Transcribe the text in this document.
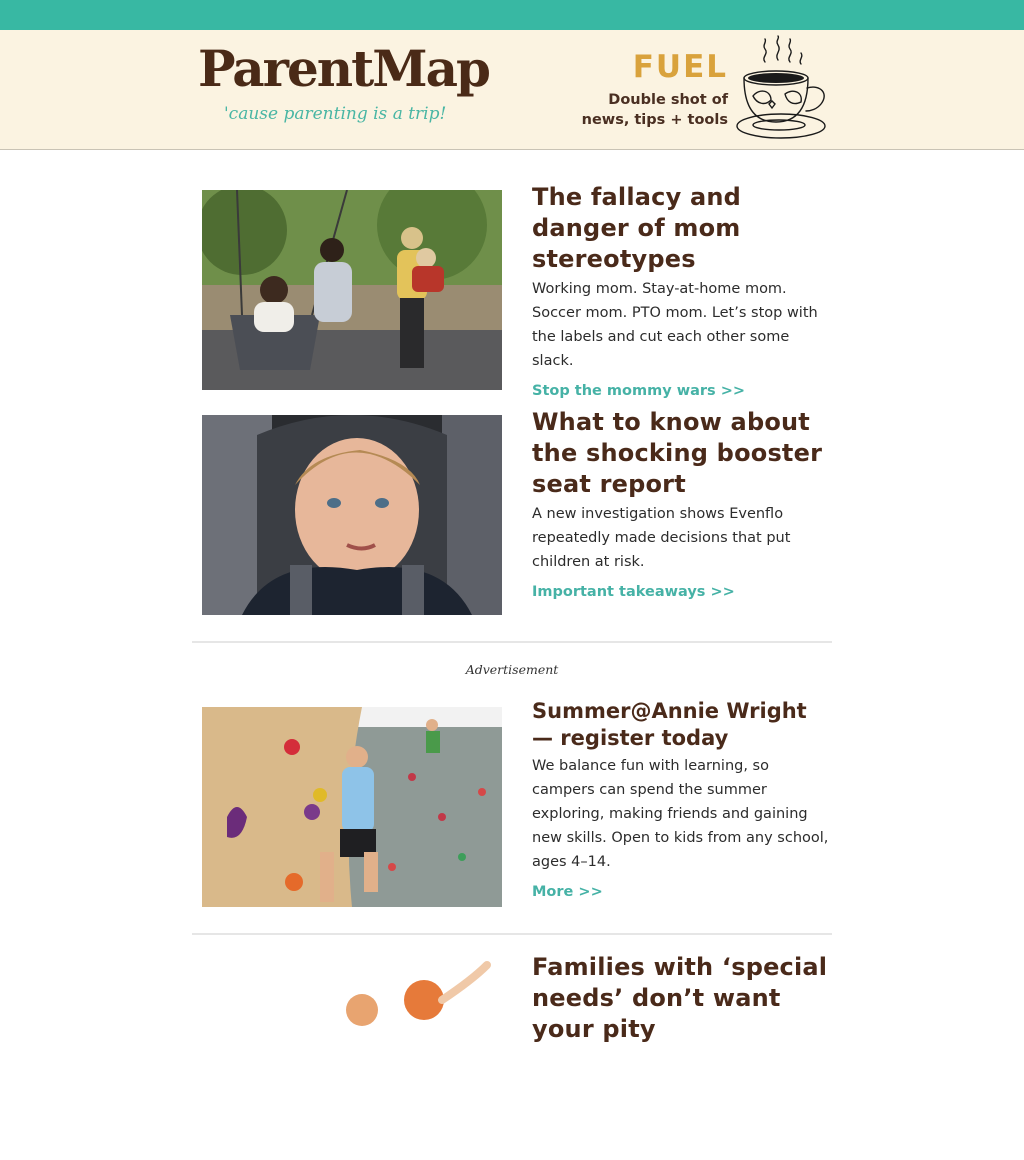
ParentMap
'cause parenting is a trip!
FUEL
Double shot of
news, tips + tools
The fallacy and danger of mom stereotypes

Working mom. Stay-at-home mom. Soccer mom. PTO mom. Let’s stop with the labels and cut each other some slack.

Stop the mommy wars >>
What to know about the shocking booster seat report

A new investigation shows Evenflo repeatedly made decisions that put children at risk.

Important takeaways >>
Advertisement
Summer@Annie Wright — register today

We balance fun with learning, so campers can spend the summer exploring, making friends and gaining new skills. Open to kids from any school, ages 4–14.

More >>
Families with ‘special needs’ don’t want your pity
